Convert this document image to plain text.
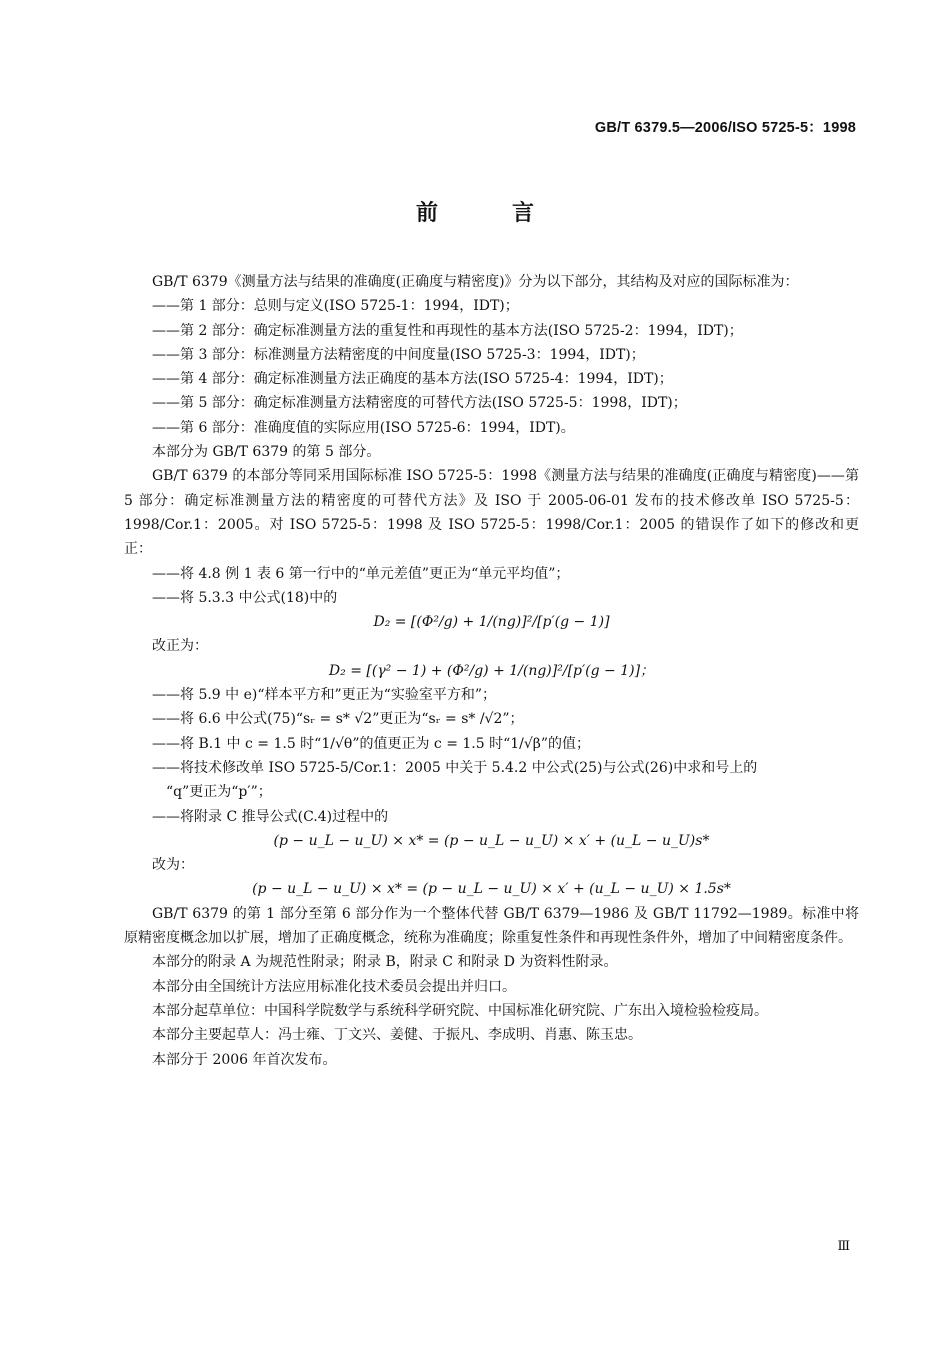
GB/T 6379.5—2006/ISO 5725-5：1998
前　言

GB/T 6379《测量方法与结果的准确度(正确度与精密度)》分为以下部分，其结构及对应的国际标准为：

——第 1 部分：总则与定义(ISO 5725-1：1994，IDT)；

——第 2 部分：确定标准测量方法的重复性和再现性的基本方法(ISO 5725-2：1994，IDT)；

——第 3 部分：标准测量方法精密度的中间度量(ISO 5725-3：1994，IDT)；

——第 4 部分：确定标准测量方法正确度的基本方法(ISO 5725-4：1994，IDT)；

——第 5 部分：确定标准测量方法精密度的可替代方法(ISO 5725-5：1998，IDT)；

——第 6 部分：准确度值的实际应用(ISO 5725-6：1994，IDT)。

本部分为 GB/T 6379 的第 5 部分。

GB/T 6379 的本部分等同采用国际标准 ISO 5725-5：1998《测量方法与结果的准确度(正确度与精密度)——第 5 部分：确定标准测量方法的精密度的可替代方法》及 ISO 于 2005-06-01 发布的技术修改单 ISO 5725-5：1998/Cor.1：2005。对 ISO 5725-5：1998 及 ISO 5725-5：1998/Cor.1：2005 的错误作了如下的修改和更正：

——将 4.8 例 1 表 6 第一行中的“单元差值”更正为“单元平均值”；

——将 5.3.3 中公式(18)中的

D₂ = [(Φ²/g) + 1/(ng)]²/[p′(g − 1)]

改正为：

D₂ = [(γ² − 1) + (Φ²/g) + 1/(ng)]²/[p′(g − 1)]；

——将 5.9 中 e)“样本平方和”更正为“实验室平方和”；

——将 6.6 中公式(75)“sᵣ = s* √2”更正为“sᵣ = s* /√2”；

——将 B.1 中 c = 1.5 时“1/√θ”的值更正为 c = 1.5 时“1/√β”的值；

——将技术修改单 ISO 5725-5/Cor.1：2005 中关于 5.4.2 中公式(25)与公式(26)中求和号上的

“q”更正为“p′”；

——将附录 C 推导公式(C.4)过程中的

(p − u_L − u_U) × x* = (p − u_L − u_U) × x′ + (u_L − u_U)s*

改为：

(p − u_L − u_U) × x* = (p − u_L − u_U) × x′ + (u_L − u_U) × 1.5s*

GB/T 6379 的第 1 部分至第 6 部分作为一个整体代替 GB/T 6379—1986 及 GB/T 11792—1989。标准中将原精密度概念加以扩展，增加了正确度概念，统称为准确度；除重复性条件和再现性条件外，增加了中间精密度条件。

本部分的附录 A 为规范性附录；附录 B，附录 C 和附录 D 为资料性附录。

本部分由全国统计方法应用标准化技术委员会提出并归口。

本部分起草单位：中国科学院数学与系统科学研究院、中国标准化研究院、广东出入境检验检疫局。

本部分主要起草人：冯士雍、丁文兴、姜健、于振凡、李成明、肖惠、陈玉忠。

本部分于 2006 年首次发布。

Ⅲ
